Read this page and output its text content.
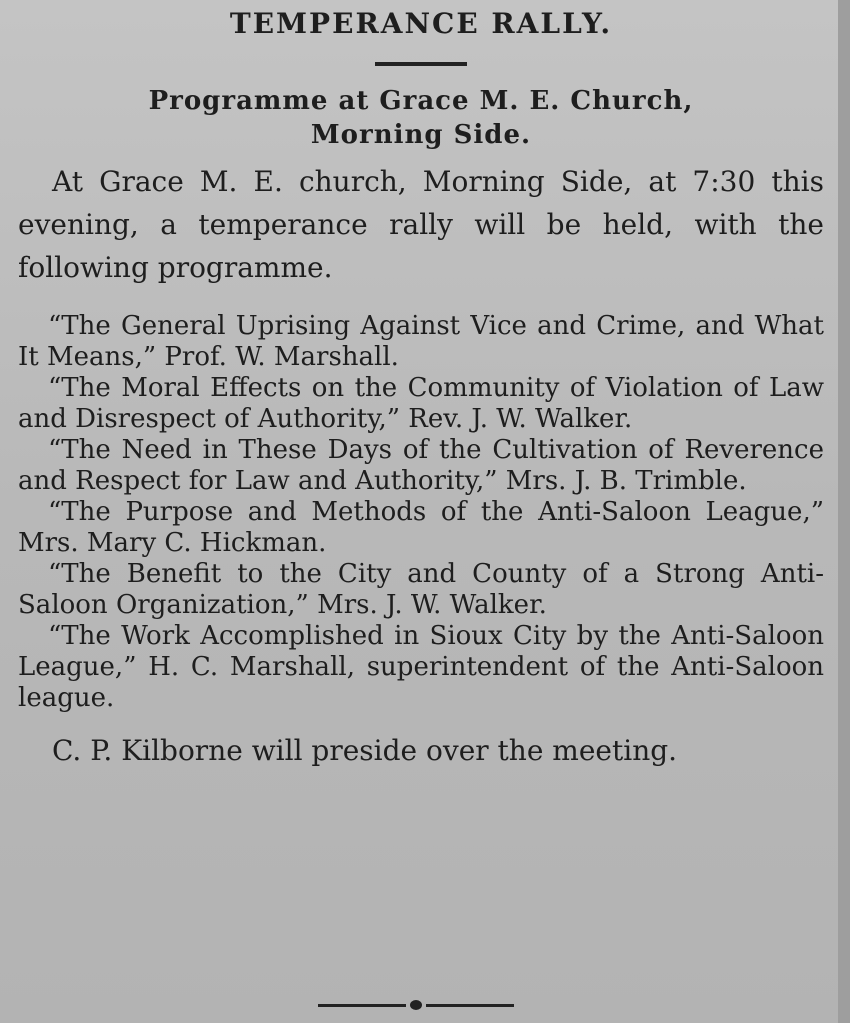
TEMPERANCE RALLY.

Programme at Grace M. E. Church,

Morning Side.

At Grace M. E. church, Morning Side, at 7:30 this evening, a temperance rally will be held, with the following programme.

“The General Uprising Against Vice and Crime, and What It Means,” Prof. W. Marshall.

“The Moral Effects on the Community of Violation of Law and Disrespect of Authority,” Rev. J. W. Walker.

“The Need in These Days of the Cultivation of Reverence and Respect for Law and Authority,” Mrs. J. B. Trimble.

“The Purpose and Methods of the Anti-Saloon League,” Mrs. Mary C. Hickman.

“The Benefit to the City and County of a Strong Anti-Saloon Organization,” Mrs. J. W. Walker.

“The Work Accomplished in Sioux City by the Anti-Saloon League,” H. C. Marshall, superintendent of the Anti-Saloon league.

C. P. Kilborne will preside over the meeting.
